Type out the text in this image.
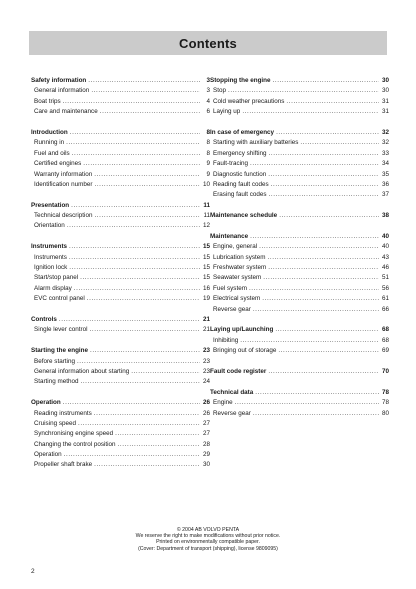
Contents
Safety information .....	3
General information .....	3
Boat trips .....	4
Care and maintenance .....	6
Introduction .....	8
Running in .....	8
Fuel and oils .....	8
Certified engines .....	9
Warranty information .....	9
Identification number .....	10
Presentation .....	11
Technical description .....	11
Orientation .....	12
Instruments .....	15
Instruments .....	15
Ignition lock .....	15
Start/stop panel .....	15
Alarm display .....	16
EVC control panel .....	19
Controls .....	21
Single lever control .....	21
Starting the engine .....	23
Before starting .....	23
General information about starting .....	23
Starting method .....	24
Operation .....	26
Reading instruments .....	26
Cruising speed .....	27
Synchronising engine speed .....	27
Changing the control position .....	28
Operation .....	29
Propeller shaft brake .....	30
Stopping the engine .....	30
Stop .....	30
Cold weather precautions .....	31
Laying up .....	31
In case of emergency .....	32
Starting with auxiliary batteries .....	32
Emergency shifting .....	33
Fault-tracing .....	34
Diagnostic function .....	35
Reading fault codes .....	36
Erasing fault codes .....	37
Maintenance schedule .....	38
Maintenance .....	40
Engine, general .....	40
Lubrication system .....	43
Freshwater system .....	46
Seawater system .....	51
Fuel system .....	56
Electrical system .....	61
Reverse gear .....	66
Laying up/Launching .....	68
Inhibiting .....	68
Bringing out of storage .....	69
Fault code register .....	70
Technical data .....	78
Engine .....	78
Reverse gear .....	80
© 2004 AB VOLVO PENTA
We reserve the right to make modifications without prior notice.
Printed on environmentally compatible paper.
(Cover: Department of transport (shipping), license 9809095)
2
